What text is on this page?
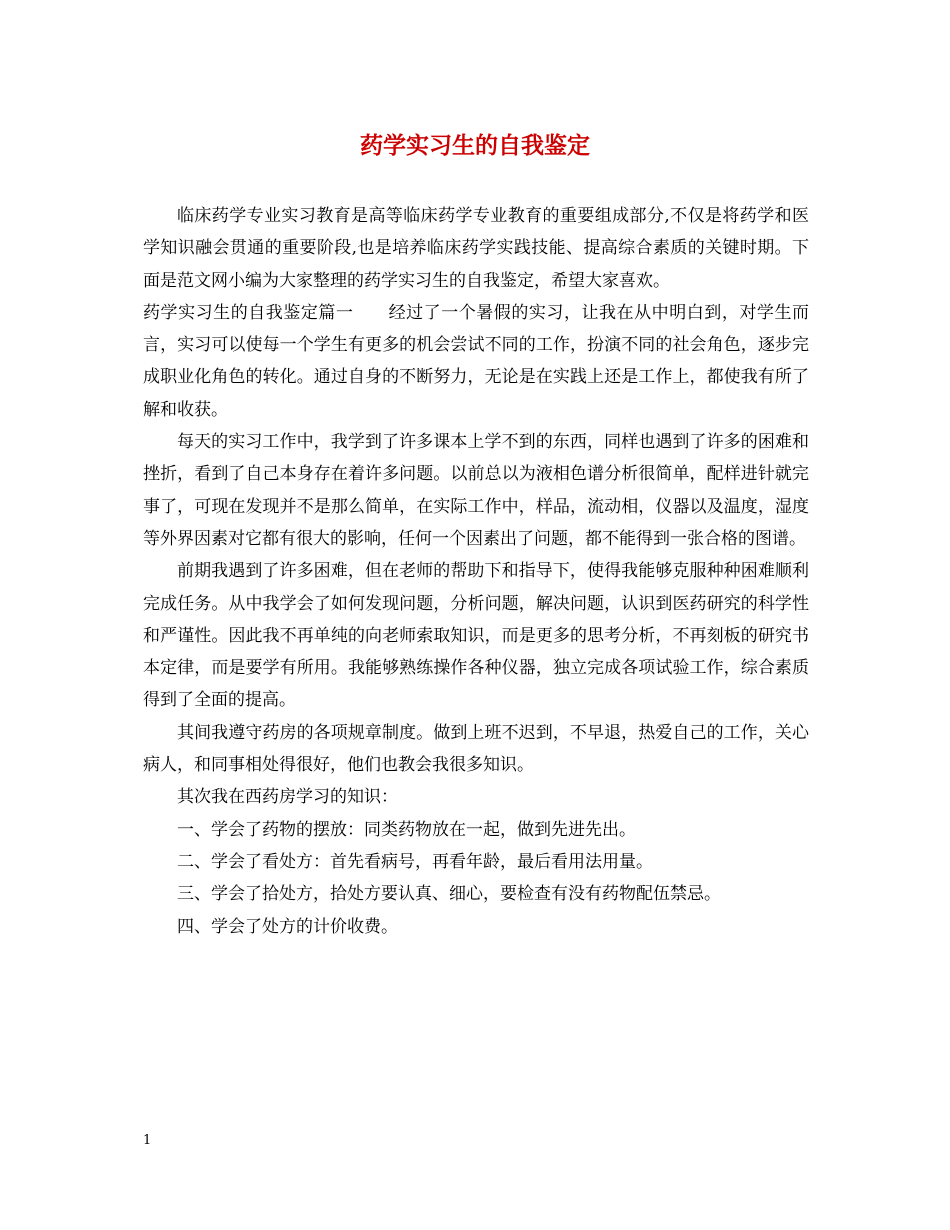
药学实习生的自我鉴定

临床药学专业实习教育是高等临床药学专业教育的重要组成部分,不仅是将药学和医学知识融会贯通的重要阶段,也是培养临床药学实践技能、提高综合素质的关键时期。下面是范文网小编为大家整理的药学实习生的自我鉴定，希望大家喜欢。

药学实习生的自我鉴定篇一　　经过了一个暑假的实习，让我在从中明白到，对学生而言，实习可以使每一个学生有更多的机会尝试不同的工作，扮演不同的社会角色，逐步完成职业化角色的转化。通过自身的不断努力，无论是在实践上还是工作上，都使我有所了解和收获。

每天的实习工作中，我学到了许多课本上学不到的东西，同样也遇到了许多的困难和挫折，看到了自己本身存在着许多问题。以前总以为液相色谱分析很简单，配样进针就完事了，可现在发现并不是那么简单，在实际工作中，样品，流动相，仪器以及温度，湿度等外界因素对它都有很大的影响，任何一个因素出了问题，都不能得到一张合格的图谱。

前期我遇到了许多困难，但在老师的帮助下和指导下，使得我能够克服种种困难顺利完成任务。从中我学会了如何发现问题，分析问题，解决问题，认识到医药研究的科学性和严谨性。因此我不再单纯的向老师索取知识，而是更多的思考分析，不再刻板的研究书本定律，而是要学有所用。我能够熟练操作各种仪器，独立完成各项试验工作，综合素质得到了全面的提高。

其间我遵守药房的各项规章制度。做到上班不迟到，不早退，热爱自己的工作，关心病人，和同事相处得很好，他们也教会我很多知识。

其次我在西药房学习的知识：

一、学会了药物的摆放：同类药物放在一起，做到先进先出。

二、学会了看处方：首先看病号，再看年龄，最后看用法用量。

三、学会了拾处方，拾处方要认真、细心，要检查有没有药物配伍禁忌。

四、学会了处方的计价收费。

1
